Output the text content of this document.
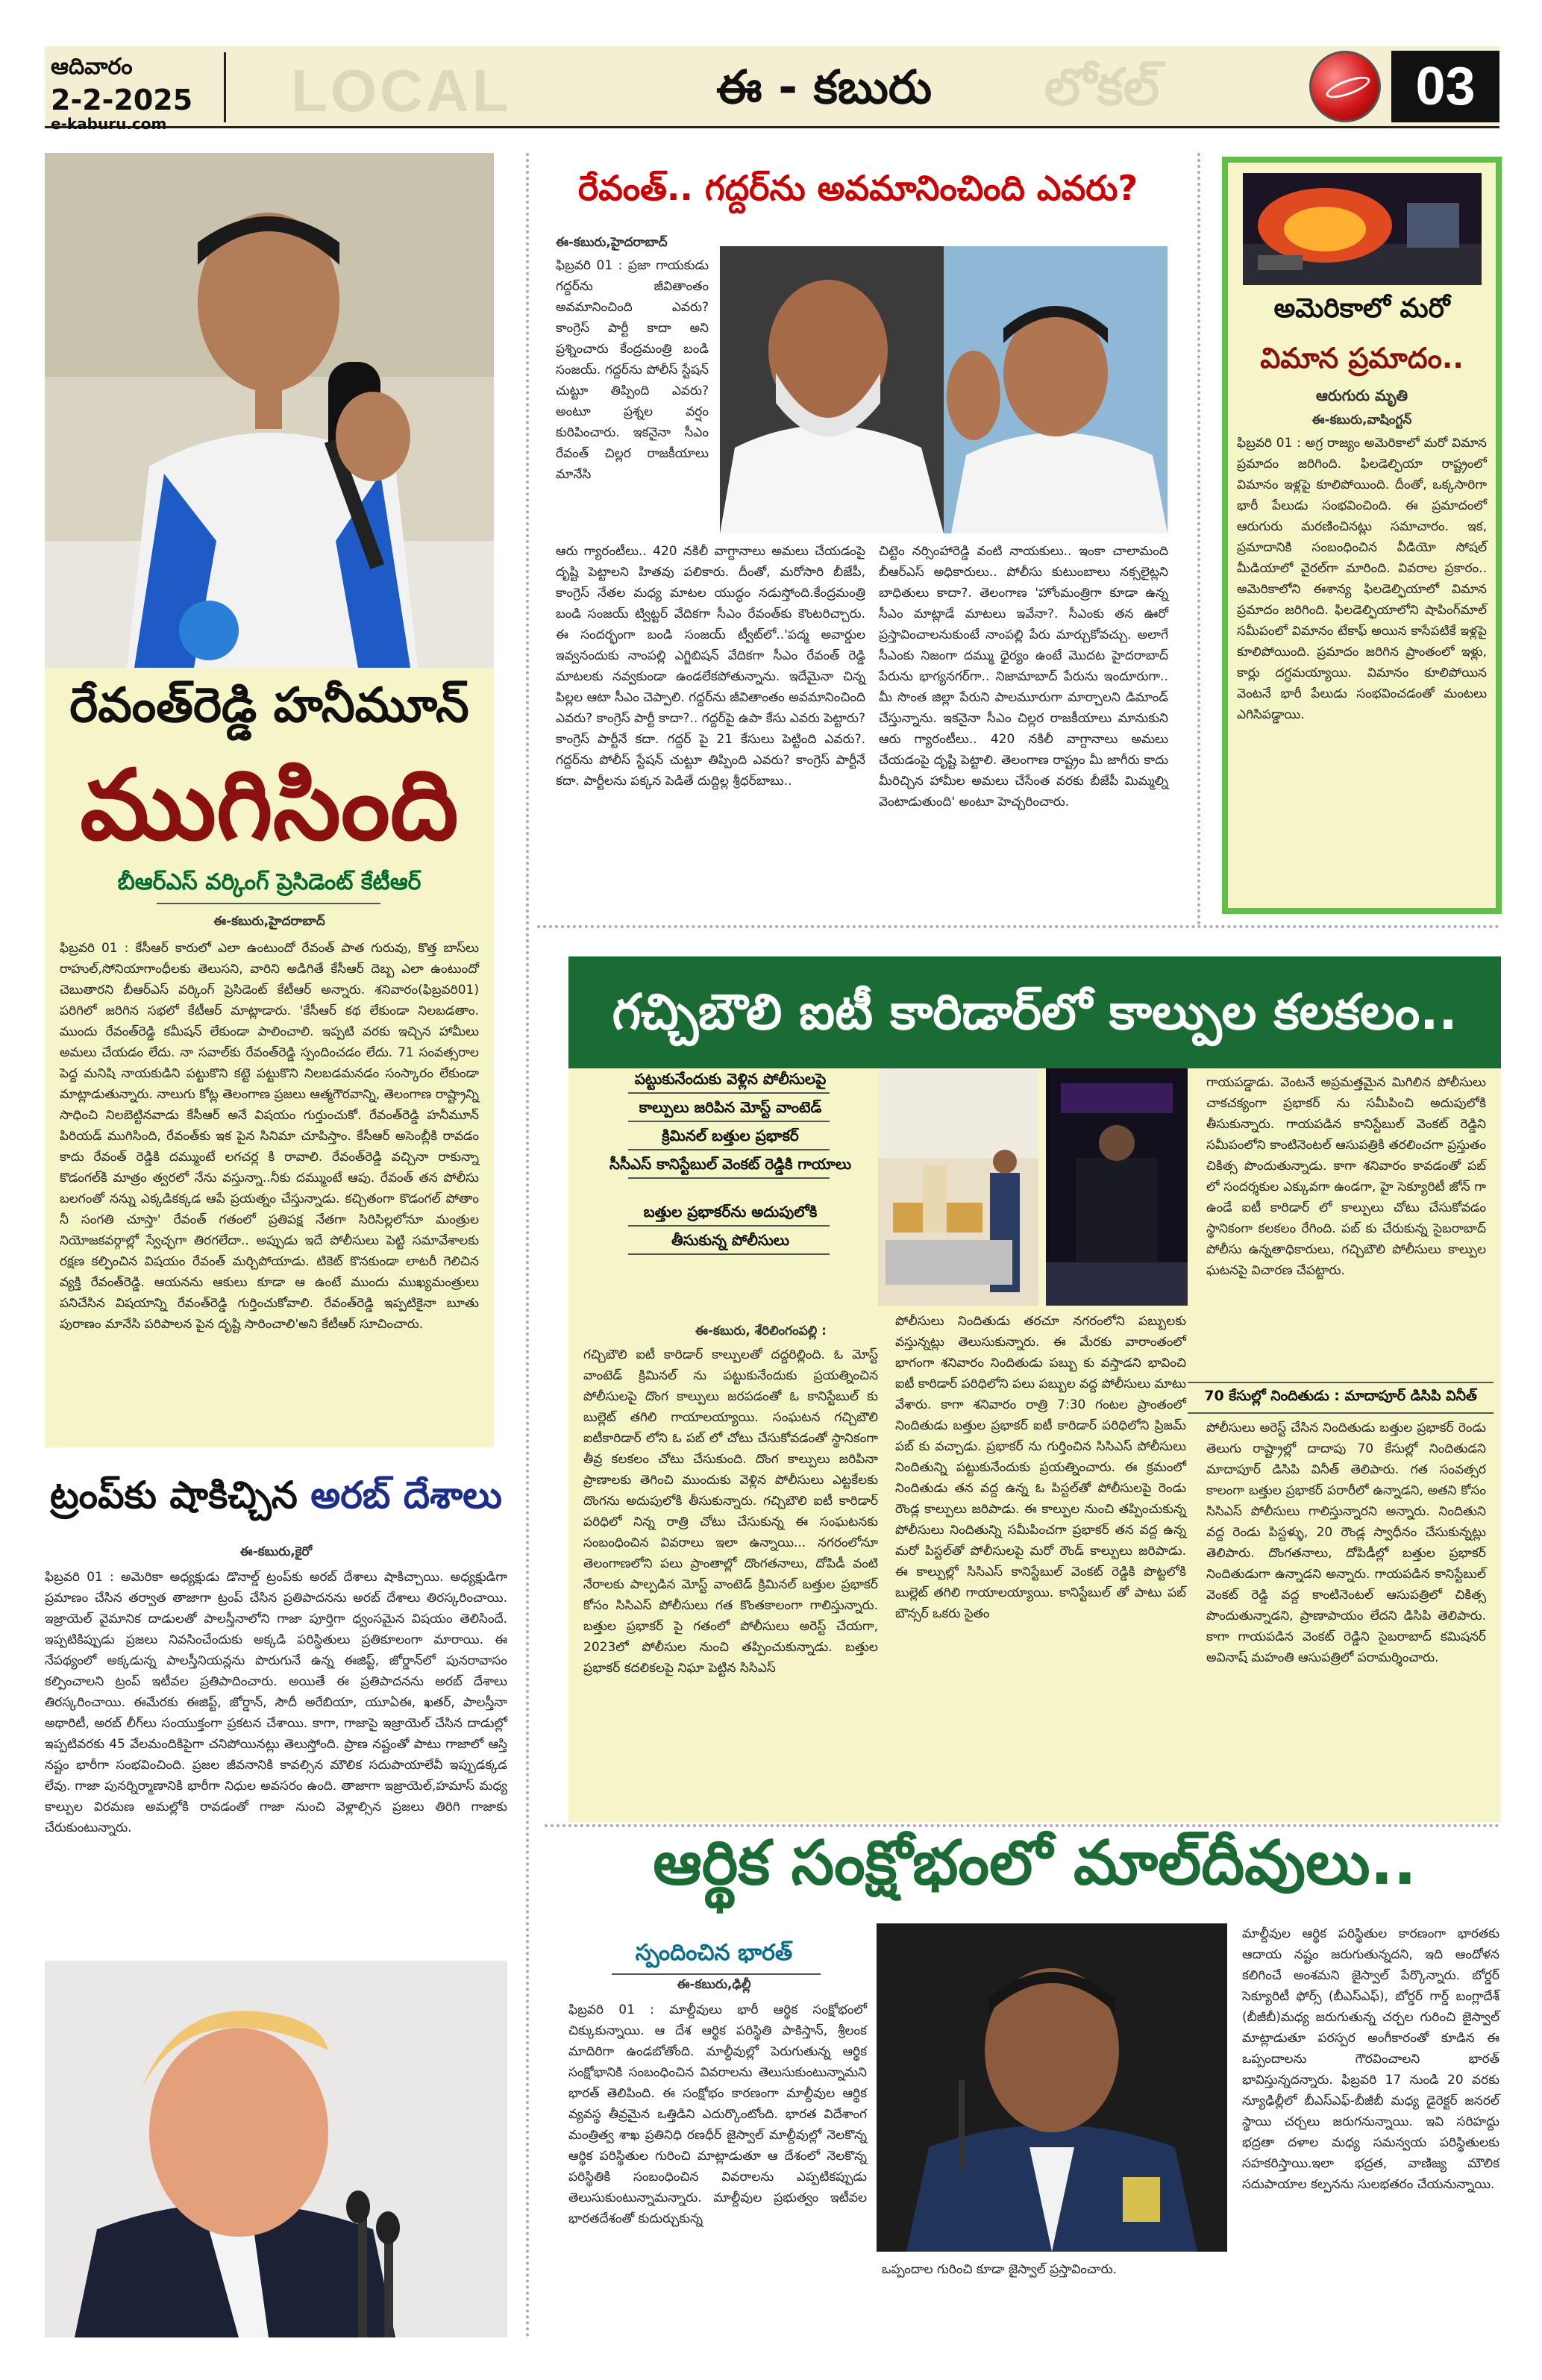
ఆదివారం
2-2-2025
e-kaburu.com	LOCAL	ఈ - కబురు లోకల్	03
రేవంత్‌రెడ్డి హనీమూన్
ముగిసింది
బీఆర్ఎస్ వర్కింగ్ ప్రెసిడెంట్ కేటీఆర్
ఈ-కబురు,హైదరాబాద్
ఫిబ్రవరి 01 : కేసీఆర్ కారులో ఎలా ఉంటుందో రేవంత్ పాత గురువు, కొత్త బాస్‌లు రాహుల్,సోనియాగాంధీలకు తెలుసని, వారిని అడిగితే కేసీఆర్ దెబ్బ ఎలా ఉంటుందో చెబుతారని బీఆర్ఎస్ వర్కింగ్ ప్రెసిడెంట్ కేటీఆర్ అన్నారు. శనివారం(ఫిబ్రవరి01) పరిగిలో జరిగిన సభలో కేటీఆర్ మాట్లాడారు. 'కేసీఆర్ కథ లేకుండా నిలబడతాం. ముందు రేవంత్‌రెడ్డి కమీషన్ లేకుండా పాలించాలి. ఇప్పటి వరకు ఇచ్చిన హామీలు అమలు చేయడం లేదు. నా సవాల్‌కు రేవంత్‌రెడ్డి స్పందించడం లేదు. 71 సంవత్సరాల పెద్ద మనిషి నాయకుడిని పట్టుకొని కట్టె పట్టుకొని నిలబడమనడం సంస్కారం లేకుండా మాట్లాడుతున్నారు. నాలుగు కోట్ల తెలంగాణ ప్రజలు ఆత్మగౌరవాన్ని, తెలంగాణ రాష్ట్రాన్ని సాధించి నిలబెట్టినవాడు కేసీఆర్ అనే విషయం గుర్తుంచుకో. రేవంత్‌రెడ్డి హనీమూన్ పిరియడ్ ముగిసింది, రేవంత్‌కు ఇక పైన సినిమా చూపిస్తాం. కేసీఆర్ అసెంబ్లీకి రావడం కాదు రేవంత్ రెడ్డికి దమ్ముంటే లగచర్ల కి రావాలి. రేవంత్‌రెడ్డి వచ్చినా రాకున్నా కొడంగల్‌కి మాత్రం త్వరలో నేను వస్తున్నా..నీకు దమ్ముంటే ఆపు. రేవంత్ తన పోలీసు బలగంతో నన్ను ఎక్కడికక్కడ ఆపే ప్రయత్నం చేస్తున్నాడు. కచ్చితంగా కొడంగల్ పోతాం నీ సంగతి చూస్తా' రేవంత్ గతంలో ప్రతిపక్ష నేతగా సిరిసిల్లలోనూ మంత్రుల నియోజకవర్గాల్లో స్వేచ్ఛగా తిరగలేదా.. అప్పుడు ఇదే పోలీసులు పెట్టి సమావేశాలకు రక్షణ కల్పించిన విషయం రేవంత్ మర్చిపోయాడు. టికెట్ కొనకుండా లాటరీ గెలిచిన వ్యక్తి రేవంత్‌రెడ్డి. ఆయనను ఆకులు కూడా ఆ ఉంటే ముందు ముఖ్యమంత్రులు పనిచేసిన విషయాన్ని రేవంత్‌రెడ్డి గుర్తించుకోవాలి. రేవంత్‌రెడ్డి ఇప్పటికైనా బూతు పురాణం మానేసి పరిపాలన పైన దృష్టి సారించాలి'అని కేటీఆర్ సూచించారు.
ట్రంప్‌కు షాకిచ్చిన అరబ్ దేశాలు
ఈ-కబురు,కైరో
ఫిబ్రవరి 01 : అమెరికా అధ్యక్షుడు డొనాల్డ్ ట్రంప్‌కు అరబ్ దేశాలు షాకిచ్చాయి. అధ్యక్షుడిగా ప్రమాణం చేసిన తర్వాత తాజాగా ట్రంప్ చేసిన ప్రతిపాదనను అరబ్ దేశాలు తిరస్కరించాయి. ఇజ్రాయెల్ వైమానిక దాడులతో పాలస్తీనాలోని గాజా పూర్తిగా ధ్వంసమైన విషయం తెలిసిందే. ఇప్పటికిప్పుడు ప్రజలు నివసించేందుకు అక్కడి పరిస్థితులు ప్రతికూలంగా మారాయి. ఈ నేపథ్యంలో అక్కడున్న పాలస్తీనియన్లను పొరుగునే ఉన్న ఈజిప్ట్, జోర్డాన్‌లో పునరావాసం కల్పించాలని ట్రంప్ ఇటీవల ప్రతిపాదించారు. అయితే ఈ ప్రతిపాదనను అరబ్ దేశాలు తిరస్కరించాయి. ఈమేరకు ఈజిప్ట్, జోర్డాన్, సౌదీ అరేబియా, యూఏఈ, ఖతర్, పాలస్తీనా అథారిటీ, అరబ్ లీగ్‌లు సంయుక్తంగా ప్రకటన చేశాయి. కాగా, గాజాపై ఇజ్రాయెల్ చేసిన దాడుల్లో ఇప్పటివరకు 45 వేలమందికిపైగా చనిపోయినట్లు తెలుస్తోంది. ప్రాణ నష్టంతో పాటు గాజాలో ఆస్తి నష్టం భారీగా సంభవించింది. ప్రజల జీవనానికి కావల్సిన మౌలిక సదుపాయాలేవీ ఇప్పుడక్కడ లేవు. గాజా పునర్నిర్మాణానికి భారీగా నిధుల అవసరం ఉంది. తాజాగా ఇజ్రాయెల్,హమాస్ మధ్య కాల్పుల విరమణ అమల్లోకి రావడంతో గాజా నుంచి వెళ్లాల్సిన ప్రజలు తిరిగి గాజాకు చేరుకుంటున్నారు.
రేవంత్.. గద్దర్‌ను అవమానించింది ఎవరు?
ఈ-కబురు,హైదరాబాద్
ఫిబ్రవరి 01 : ప్రజా గాయకుడు గద్దర్‌ను జీవితాంతం అవమానించింది ఎవరు? కాంగ్రెస్ పార్టీ కాదా అని ప్రశ్నించారు కేంద్రమంత్రి బండి సంజయ్. గద్దర్‌ను పోలీస్ స్టేషన్ చుట్టూ తిప్పింది ఎవరు? అంటూ ప్రశ్నల వర్షం కురిపించారు. ఇకనైనా సీఎం రేవంత్ చిల్లర రాజకీయాలు మానేసి
ఆరు గ్యారంటీలు.. 420 నకిలీ వాగ్దానాలు అమలు చేయడంపై దృష్టి పెట్టాలని హితవు పలికారు. దీంతో, మరోసారి బీజేపీ, కాంగ్రెస్ నేతల మధ్య మాటల యుద్ధం నడుస్తోంది.కేంద్రమంత్రి బండి సంజయ్ ట్విట్టర్ వేదికగా సీఎం రేవంత్‌కు కౌంటరిచ్చారు. ఈ సందర్భంగా బండి సంజయ్ ట్వీట్‌లో..'పద్మ అవార్డుల ఇవ్వనందుకు నాంపల్లి ఎగ్జిబిషన్ వేదికగా సీఎం రేవంత్ రెడ్డి మాటలకు నవ్వకుండా ఉండలేకపోతున్నాను. ఇదేమైనా చిన్న పిల్లల ఆటా సీఎం చెప్పాలి. గద్దర్‌ను జీవితాంతం అవమానించింది ఎవరు? కాంగ్రెస్ పార్టీ కాదా?.. గద్దర్‌పై ఉపా కేసు ఎవరు పెట్టారు? కాంగ్రెస్ పార్టీనే కదా. గద్దర్ పై 21 కేసులు పెట్టింది ఎవరు?. గద్దర్‌ను పోలీస్ స్టేషన్ చుట్టూ తిప్పింది ఎవరు? కాంగ్రెస్ పార్టీనే కదా. పార్టీలను పక్కన పెడితే దుద్దిల్ల శ్రీధర్‌బాబు..
చిట్టెం నర్సింహారెడ్డి వంటి నాయకులు.. ఇంకా చాలామంది బీఆర్ఎస్ అధికారులు.. పోలీసు కుటుంబాలు నక్సలైట్లని బాధితులు కాదా?. తెలంగాణ 'హోంమంత్రిగా కూడా ఉన్న సీఎం మాట్లాడే మాటలు ఇవేనా?. సీఎంకు తన ఊరో ప్రస్తావించాలనుకుంటే నాంపల్లి పేరు మార్చుకోవచ్చు. అలాగే సీఎంకు నిజంగా దమ్ము ధైర్యం ఉంటే మొదట హైదరాబాద్ పేరును భాగ్యనగర్‌గా.. నిజామాబాద్ పేరును ఇందూరుగా.. మీ సొంత జిల్లా పేరుని పాలమూరుగా మార్చాలని డిమాండ్ చేస్తున్నాను. ఇకనైనా సీఎం చిల్లర రాజకీయాలు మానుకుని ఆరు గ్యారంటీలు.. 420 నకిలీ వాగ్దానాలు అమలు చేయడంపై దృష్టి పెట్టాలి. తెలంగాణ రాష్ట్రం మీ జాగీరు కాదు మీరిచ్చిన హామీల అమలు చేసేంత వరకు బీజేపీ మిమ్మల్ని వెంటాడుతుంది' అంటూ హెచ్చరించారు.
అమెరికాలో మరో
విమాన ప్రమాదం..
ఆరుగురు మృతి
ఈ-కబురు,వాషింగ్టన్
ఫిబ్రవరి 01 : అగ్ర రాజ్యం అమెరికాలో మరో విమాన ప్రమాదం జరిగింది. ఫిలడెల్ఫియా రాష్ట్రంలో విమానం ఇళ్లపై కూలిపోయింది. దీంతో, ఒక్కసారిగా భారీ పేలుడు సంభవించింది. ఈ ప్రమాదంలో ఆరుగురు మరణించినట్లు సమాచారం. ఇక, ప్రమాదానికి సంబంధించిన వీడియో సోషల్ మీడియాలో వైరల్‌గా మారింది. వివరాల ప్రకారం.. అమెరికాలోని ఈశాన్య ఫిలడెల్ఫియాలో విమాన ప్రమాదం జరిగింది. ఫిలడెల్ఫియాలోని షాపింగ్‌మాల్ సమీపంలో విమానం టేకాఫ్ అయిన కాసేపటికే ఇళ్లపై కూలిపోయింది. ప్రమాదం జరిగిన ప్రాంతంలో ఇళ్లు, కార్లు దగ్ధమయ్యాయి. విమానం కూలిపోయిన వెంటనే భారీ పేలుడు సంభవించడంతో మంటలు ఎగిసిపడ్డాయి.
గచ్చిబౌలి ఐటీ కారిడార్‌లో కాల్పుల కలకలం..
పట్టుకునేందుకు వెళ్లిన పోలీసులపై
కాల్పులు జరిపిన మోస్ట్ వాంటెడ్
క్రిమినల్ బత్తుల ప్రభాకర్
సీసీఎస్ కానిస్టేబుల్ వెంకట్ రెడ్డికి గాయాలు
బత్తుల ప్రభాకర్‌ను అదుపులోకి
తీసుకున్న పోలీసులు
ఈ-కబురు, శేరిలింగంపల్లి :
గచ్చిబౌలి ఐటీ కారిడార్ కాల్పులతో దద్దరిల్లింది. ఓ మోస్ట్ వాంటెడ్ క్రిమినల్ ను పట్టుకునేందుకు ప్రయత్నించిన పోలీసులపై దొంగ కాల్పులు జరపడంతో ఓ కానిస్టేబుల్ కు బుల్లెట్ తగిలి గాయాలయ్యాయి. సంఘటన గచ్చిబౌలి ఐటీకారిడార్ లోని ఓ పబ్ లో చోటు చేసుకోవడంతో స్థానికంగా తీవ్ర కలకలం చోటు చేసుకుంది. దొంగ కాల్పులు జరిపినా ప్రాణాలకు తెగించి ముందుకు వెళ్లిన పోలీసులు ఎట్టకేలకు దొంగను అదుపులోకి తీసుకున్నారు. గచ్చిబౌలి ఐటీ కారిడార్ పరిధిలో నిన్న రాత్రి చోటు చేసుకున్న ఈ సంఘటనకు సంబంధించిన వివరాలు ఇలా ఉన్నాయి... నగరంలోనూ తెలంగాణలోని పలు ప్రాంతాల్లో దొంగతనాలు, దోపిడీ వంటి నేరాలకు పాల్పడిన మోస్ట్ వాంటెడ్ క్రిమినల్ బత్తుల ప్రభాకర్ కోసం సిసిఎస్ పోలీసులు గత కొంతకాలంగా గాలిస్తున్నారు. బత్తుల ప్రభాకర్ పై గతంలో పోలీసులు అరెస్ట్ చేయగా, 2023లో పోలీసుల నుంచి తప్పించుకున్నాడు. బత్తుల ప్రభాకర్ కదలికలపై నిఘా పెట్టిన సిసిఎస్
పోలీసులు నిందితుడు తరచూ నగరంలోని పబ్బులకు వస్తున్నట్లు తెలుసుకున్నారు. ఈ మేరకు వారాంతంలో భాగంగా శనివారం నిందితుడు పబ్బు కు వస్తాడని భావించి ఐటీ కారిడార్ పరిధిలోని పలు పబ్బుల వద్ద పోలీసులు మాటు వేశారు. కాగా శనివారం రాత్రి 7:30 గంటల ప్రాంతంలో నిందితుడు బత్తుల ప్రభాకర్ ఐటీ కారిడార్ పరిధిలోని ప్రిజమ్ పబ్ కు వచ్చాడు. ప్రభాకర్ ను గుర్తించిన సిసిఎస్ పోలీసులు నిందితున్ని పట్టుకునేందుకు ప్రయత్నించారు. ఈ క్రమంలో నిందితుడు తన వద్ద ఉన్న ఓ పిస్టల్‌తో పోలీసులపై రెండు రౌండ్ల కాల్పులు జరిపాడు. ఈ కాల్పుల నుంచి తప్పించుకున్న పోలీసులు నిందితున్ని సమీపించగా ప్రభాకర్ తన వద్ద ఉన్న మరో పిస్టల్‌తో పోలీసులపై మరో రౌండ్ కాల్పులు జరిపాడు. ఈ కాల్పుల్లో సిసిఎస్ కానిస్టేబుల్ వెంకట్ రెడ్డికి పొట్టలోకి బుల్లెట్ తగిలి గాయాలయ్యాయి. కానిస్టేబుల్ తో పాటు పబ్ బౌన్సర్ ఒకరు సైతం
గాయపడ్డాడు. వెంటనే అప్రమత్తమైన మిగిలిన పోలీసులు చాకచక్యంగా ప్రభాకర్ ను సమీపించి అదుపులోకి తీసుకున్నారు. గాయపడిన కానిస్టేబుల్ వెంకట్ రెడ్డిని సమీపంలోని కాంటినెంటల్ ఆసుపత్రికి తరలించగా ప్రస్తుతం చికిత్స పొందుతున్నాడు. కాగా శనివారం కావడంతో పబ్ లో సందర్శకుల ఎక్కువగా ఉండగా, హై సెక్యూరిటీ జోన్ గా ఉండే ఐటీ కారిడార్ లో కాల్పులు చోటు చేసుకోవడం స్థానికంగా కలకలం రేగింది. పబ్ కు చేరుకున్న సైబరాబాద్ పోలీసు ఉన్నతాధికారులు, గచ్చిబౌలి పోలీసులు కాల్పుల ఘటనపై విచారణ చేపట్టారు.
70 కేసుల్లో నిందితుడు : మాదాపూర్ డిసిపి వినీత్
పోలీసులు అరెస్ట్ చేసిన నిందితుడు బత్తుల ప్రభాకర్ రెండు తెలుగు రాష్ట్రాల్లో దాదాపు 70 కేసుల్లో నిందితుడని మాదాపూర్ డిసిపి వినీత్ తెలిపారు. గత సంవత్సర కాలంగా బత్తుల ప్రభాకర్ పరారీలో ఉన్నాడని, అతని కోసం సిసిఎస్ పోలీసులు గాలిస్తున్నారని అన్నారు. నిందితుని వద్ద రెండు పిస్టళ్ళు, 20 రౌండ్ల స్వాధీనం చేసుకున్నట్లు తెలిపారు. దొంగతనాలు, దోపిడీల్లో బత్తుల ప్రభాకర్ నిందితుడుగా ఉన్నాడని అన్నారు. గాయపడిన కానిస్టేబుల్ వెంకట్ రెడ్డి వద్ద కాంటినెంటల్ ఆసుపత్రిలో చికిత్స పొందుతున్నాడని, ప్రాణాపాయం లేదని డిసిపి తెలిపారు. కాగా గాయపడిన వెంకట్ రెడ్డిని సైబరాబాద్ కమిషనర్ అవినాష్ మహంతి ఆసుపత్రిలో పరామర్శించారు.
ఆర్థిక సంక్షోభంలో మాల్‌దీవులు..
స్పందించిన భారత్
ఈ-కబురు,ఢిల్లీ
ఫిబ్రవరి 01 : మాల్దీవులు భారీ ఆర్థిక సంక్షోభంలో చిక్కుకున్నాయి. ఆ దేశ ఆర్థిక పరిస్థితి పాకిస్తాన్, శ్రీలంక మాదిరిగా ఉండబోతోంది. మాల్దీవుల్లో పెరుగుతున్న ఆర్థిక సంక్షోభానికి సంబంధించిన వివరాలను తెలుసుకుంటున్నామని భారత్ తెలిపింది. ఈ సంక్షోభం కారణంగా మాల్దీవుల ఆర్థిక వ్యవస్థ తీవ్రమైన ఒత్తిడిని ఎదుర్కొంటోంది. భారత విదేశాంగ మంత్రిత్వ శాఖ ప్రతినిధి రణధీర్ జైస్వాల్ మాల్దీవుల్లో నెలకొన్న ఆర్థిక పరిస్థితుల గురించి మాట్లాడుతూ ఆ దేశంలో నెలకొన్న పరిస్థితికి సంబంధించిన వివరాలను ఎప్పటికప్పుడు తెలుసుకుంటున్నామన్నారు. మాల్దీవుల ప్రభుత్వం ఇటీవల భారతదేశంతో కుదుర్చుకున్న
ఒప్పందాల గురించి కూడా జైస్వాల్ ప్రస్తావించారు.
మాల్దీవుల ఆర్థిక పరిస్థితుల కారణంగా భారతకు ఆదాయ నష్టం జరుగుతున్నదని, ఇది ఆందోళన కలిగించే అంశమని జైస్వాల్ పేర్కొన్నారు. బోర్డర్ సెక్యూరిటీ ఫోర్స్ (బీఎస్ఎఫ్), బోర్డర్ గార్డ్ బంగ్లాదేశ్ (బీజీబీ)మధ్య జరుగుతున్న చర్చల గురించి జైస్వాల్ మాట్లాడుతూ పరస్పర అంగీకారంతో కూడిన ఈ ఒప్పందాలను గౌరవించాలని భారత్ భావిస్తున్నదన్నారు. ఫిబ్రవరి 17 నుండి 20 వరకు న్యూఢిల్లీలో బీఎస్ఎఫ్-బీజీబీ మధ్య డైరెక్టర్ జనరల్ స్థాయి చర్చలు జరుగనున్నాయి. ఇవి సరిహద్దు భద్రతా దళాల మధ్య సమన్వయ పరిస్థితులకు సహకరిస్తాయి.ఇలా భద్రత, వాణిజ్య మౌలిక సదుపాయాల కల్పనను సులభతరం చేయనున్నాయి.
